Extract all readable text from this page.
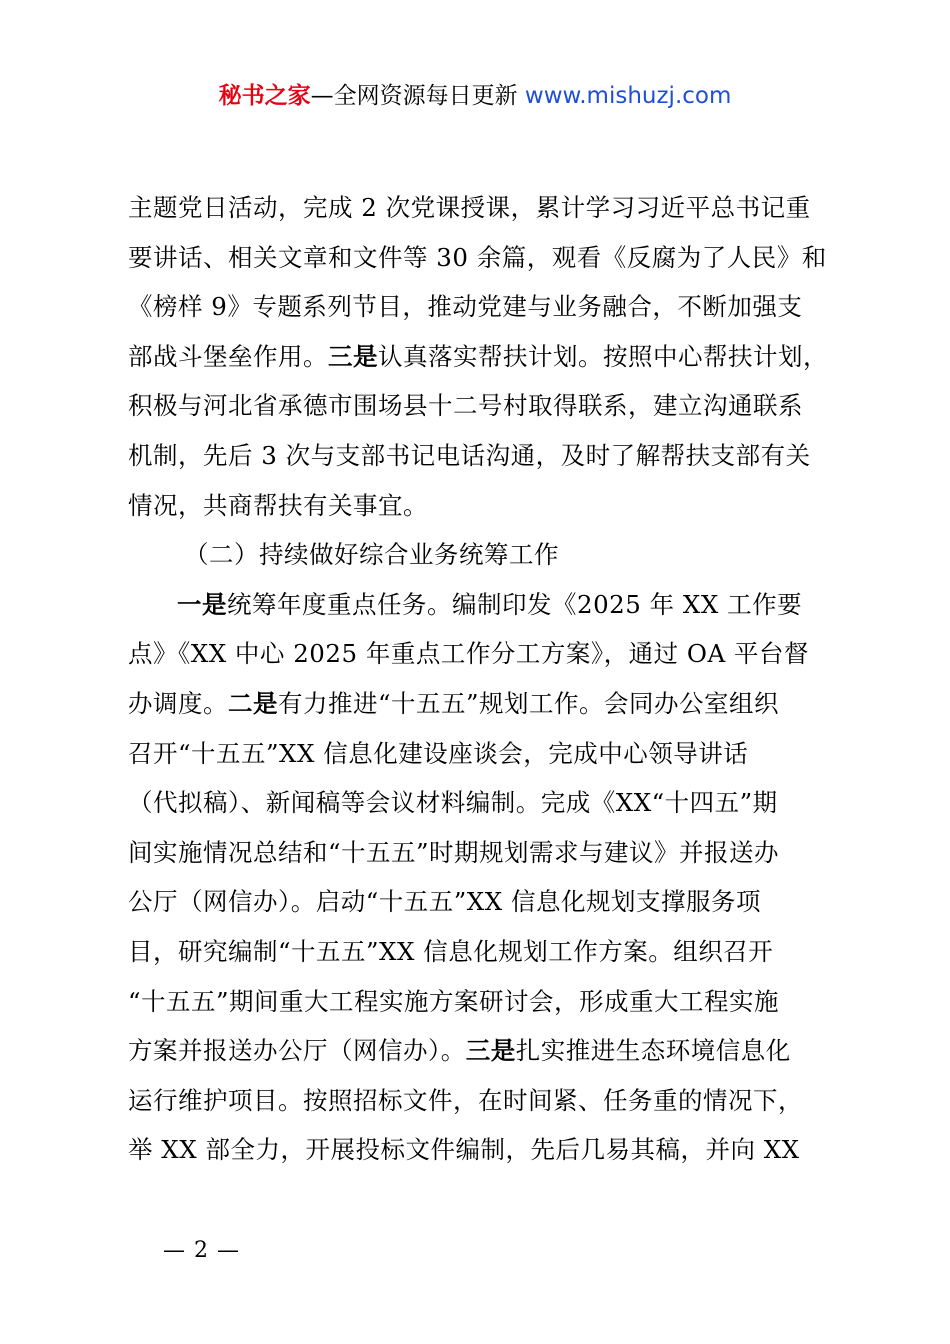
秘书之家—全网资源每日更新 www.mishuzj.com
主题党日活动，完成 2 次党课授课，累计学习习近平总书记重
要讲话、相关文章和文件等 30 余篇，观看《反腐为了人民》和
《榜样 9》专题系列节目，推动党建与业务融合，不断加强支
部战斗堡垒作用。三是认真落实帮扶计划。按照中心帮扶计划，
积极与河北省承德市围场县十二号村取得联系，建立沟通联系
机制，先后 3 次与支部书记电话沟通，及时了解帮扶支部有关
情况，共商帮扶有关事宜。
（二）持续做好综合业务统筹工作
一是统筹年度重点任务。编制印发《2025 年 XX 工作要
点》《XX 中心 2025 年重点工作分工方案》，通过 OA 平台督
办调度。二是有力推进“十五五”规划工作。会同办公室组织
召开“十五五”XX 信息化建设座谈会，完成中心领导讲话
（代拟稿）、新闻稿等会议材料编制。完成《XX“十四五”期
间实施情况总结和“十五五”时期规划需求与建议》并报送办
公厅（网信办）。启动“十五五”XX 信息化规划支撑服务项
目，研究编制“十五五”XX 信息化规划工作方案。组织召开
“十五五”期间重大工程实施方案研讨会，形成重大工程实施
方案并报送办公厅（网信办）。三是扎实推进生态环境信息化
运行维护项目。按照招标文件，在时间紧、任务重的情况下，
举 XX 部全力，开展投标文件编制，先后几易其稿，并向 XX
— 2 —
